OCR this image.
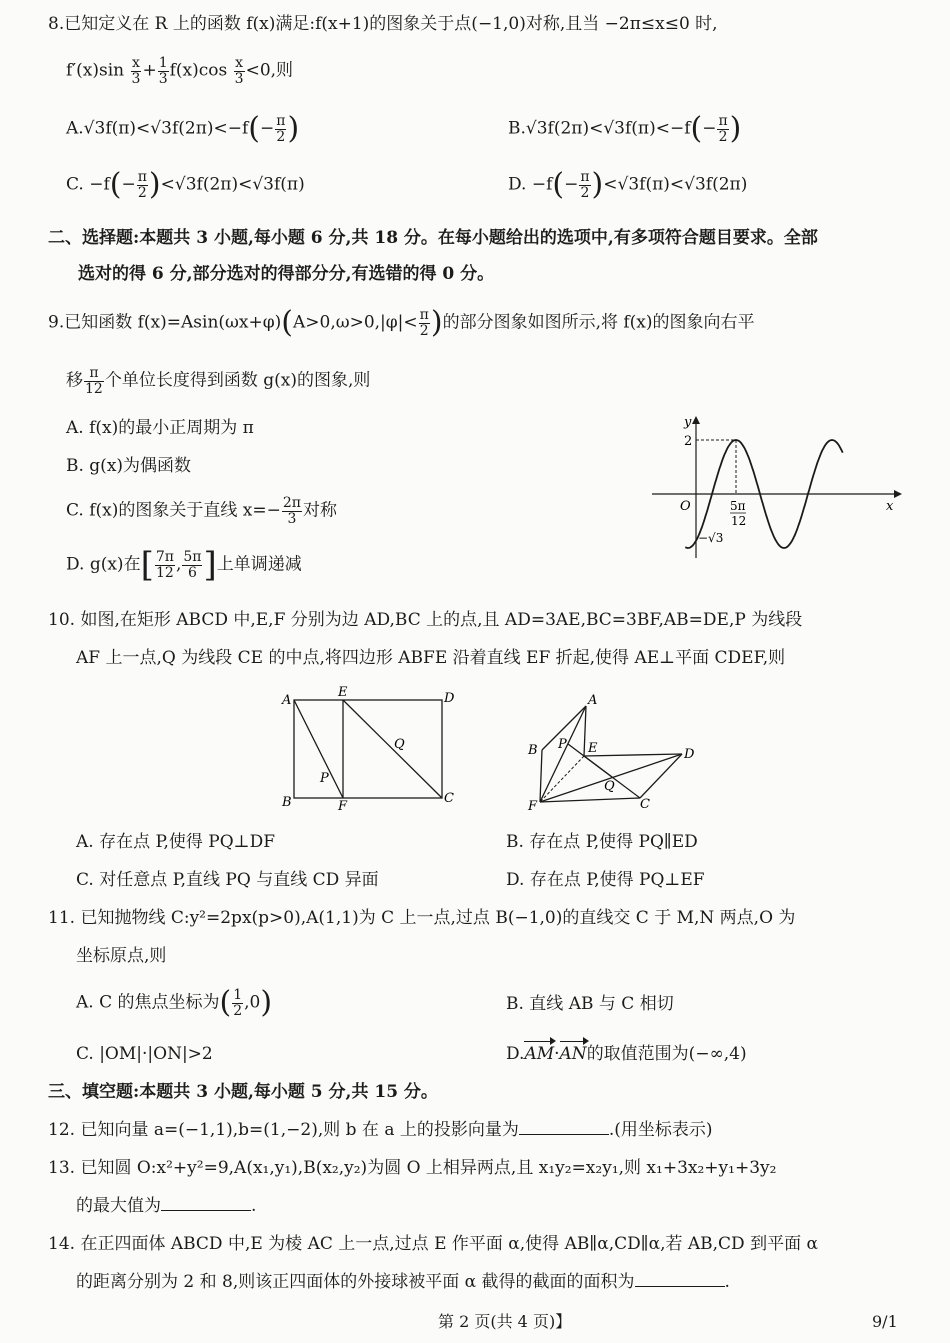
8.已知定义在 R 上的函数 f(x)满足:f(x+1)的图象关于点(−1,0)对称,且当 −2π≤x≤0 时,
$f'(x)\sin \frac{x}{3} + \frac{1}{3} f(x)\cos \frac{x}{3} <0$,则
$A.√3f(\pi)<√3f(2\pi)<-f(- \frac{\pi}{2}$ )	$B.√3f(2\pi)<√3f(\pi)<-f(- \frac{\pi}{2}$ )
C. $-f(- \frac{\pi}{2} )<√3f(2\pi)<√3f(\pi)$	D. $-f(- \frac{\pi}{2} )<√3f(\pi)<√3f(2\pi)$
二、选择题:本题共 3 小题,每小题 6 分,共 18 分。在每小题给出的选项中,有多项符合题目要求。全部
选对的得 6 分,部分选对的得部分分,有选错的得 0 分。
9.已知函数 $f(x)=Asin(\omega x+\varphi)(A>0,\omega>0,|\varphi|< \frac{\pi}{2}$ )的部分图象如图所示,将 f(x)的图象向右平
移 $\frac{\pi}{12}$ 个单位长度得到函数 g(x)的图象,则
A. f(x)的最小正周期为 π
B. g(x)为偶函数
C. f(x)的图象关于直线 $x=- \frac{2\pi}{3}$ 对称
D. g(x)在[ $\frac{7\pi}{12}$ , $\frac{5\pi}{6}$ ]上单调递减
y
x
O
2
5π
12
−√3
10. 如图,在矩形 ABCD 中,E,F 分别为边 AD,BC 上的点,且 AD=3AE,BC=3BF,AB=DE,P 为线段
AF 上一点,Q 为线段 CE 的中点,将四边形 ABFE 沿着直线 EF 折起,使得 AE⊥平面 CDEF,则
A
E	D
B	F
C
P
Q
A
B P E	D
Q
F	C
A. 存在点 P,使得 PQ⊥DF	B. 存在点 P,使得 PQ∥ED
C. 对任意点 P,直线 PQ 与直线 CD 异面	D. 存在点 P,使得 PQ⊥EF
11. 已知抛物线 C:y²=2px(p>0),A(1,1)为 C 上一点,过点 B(−1,0)的直线交 C 于 M,N 两点,O 为
坐标原点,则
A. C 的焦点坐标为( $\frac{1}{2} ,0$)	B. 直线 AB 与 C 相切
C. |OM|·|ON|>2	D.AM·AN的取值范围为(−∞,4)
三、填空题:本题共 3 小题,每小题 5 分,共 15 分。
12. 已知向量 a=(−1,1),b=(1,−2),则 b 在 a 上的投影向量为	.(用坐标表示)
13. 已知圆 O:x²+y²=9,A(x₁,y₁),B(x₂,y₂)为圆 O 上相异两点,且 x₁y₂=x₂y₁,则 x₁+3x₂+y₁+3y₂
的最大值为	.
14. 在正四面体 ABCD 中,E 为棱 AC 上一点,过点 E 作平面 α,使得 AB∥α,CD∥α,若 AB,CD 到平面 α
的距离分别为 2 和 8,则该正四面体的外接球被平面 α 截得的截面的面积为	.
第 2 页(共 4 页)】	9/1
